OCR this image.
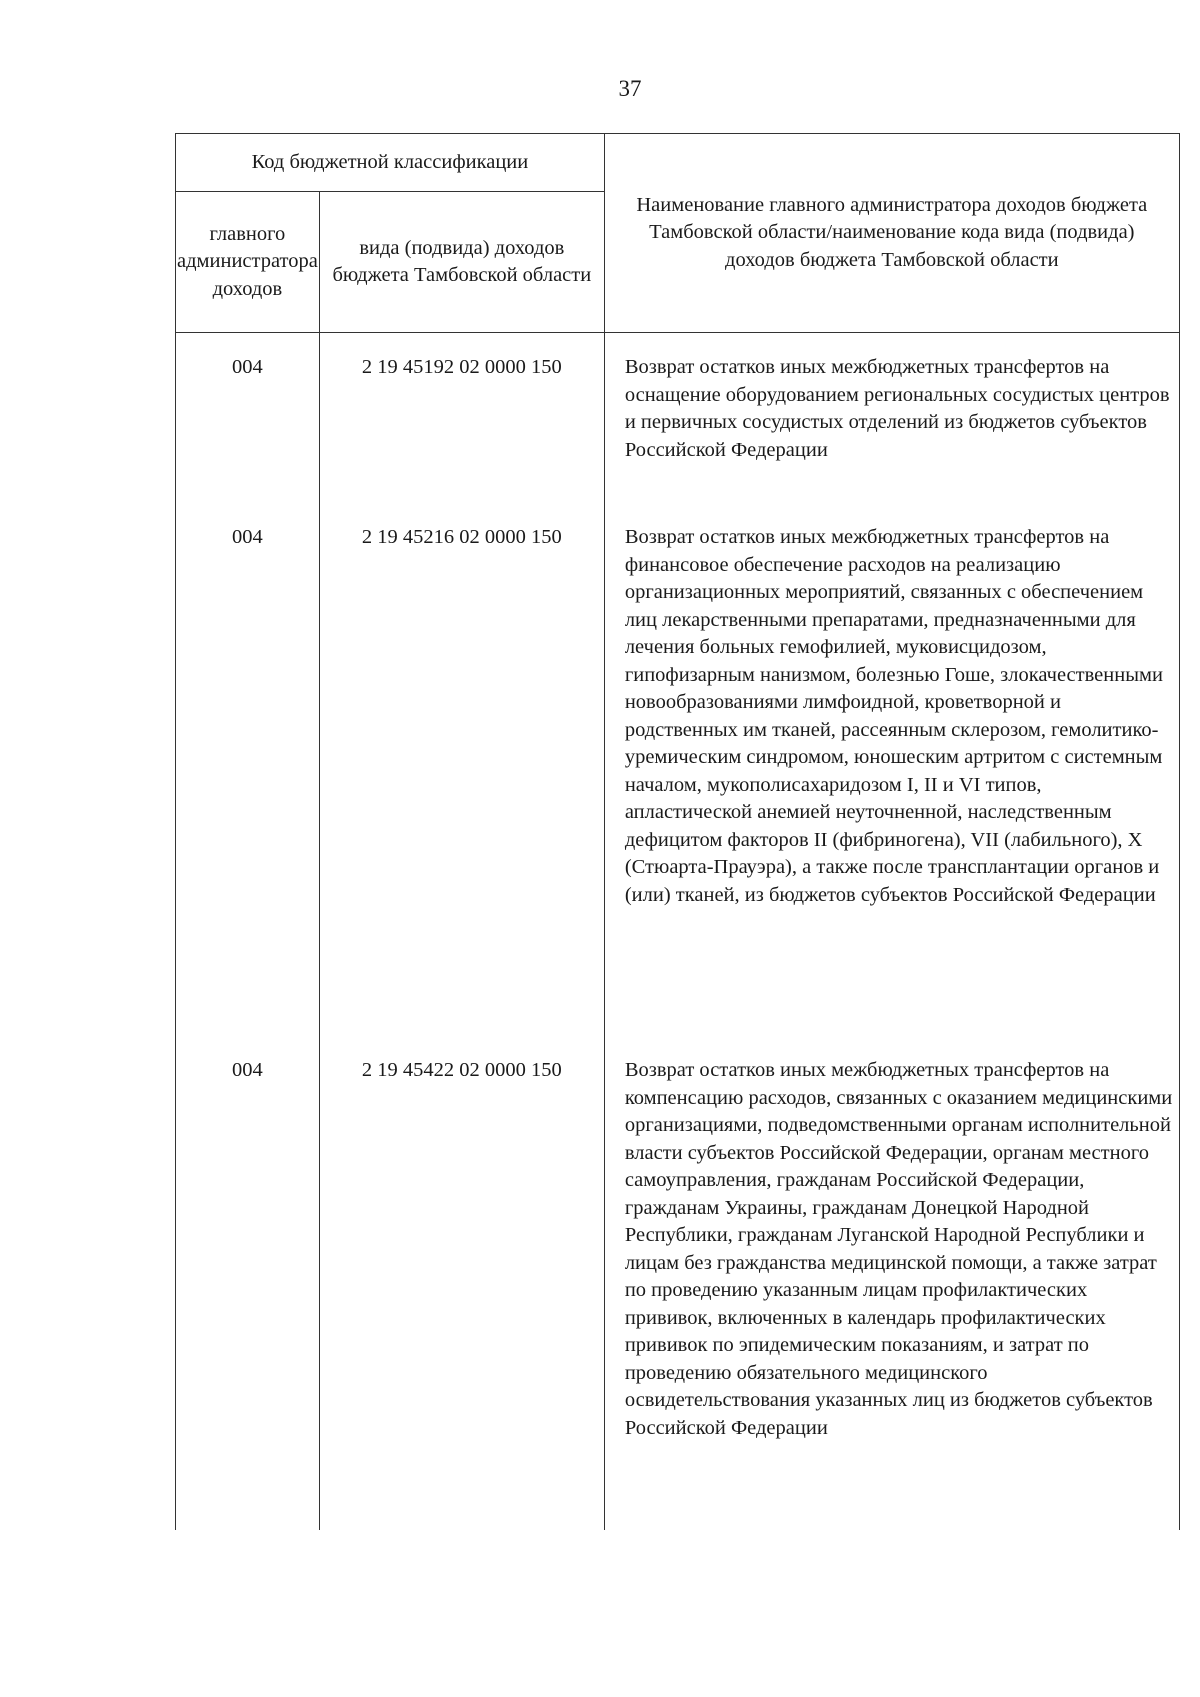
37
Код бюджетной классификации		Наименование главного администратора доходов бюджета Тамбовской области/наименование кода вида (подвида) доходов бюджета Тамбовской области
главного администратора доходов	вида (подвида) доходов бюджета Тамбовской области	
004	2 19 45192 02 0000 150	Возврат остатков иных межбюджетных трансфертов на оснащение оборудованием региональных сосудистых центров и первичных сосудистых отделений из бюджетов субъектов Российской Федерации
004	2 19 45216 02 0000 150	Возврат остатков иных межбюджетных трансфертов на финансовое обеспечение расходов на реализацию организационных мероприятий, связанных с обеспечением лиц лекарственными препаратами, предназначенными для лечения больных гемофилией, муковисцидозом, гипофизарным нанизмом, болезнью Гоше, злокачественными новообразованиями лимфоидной, кроветворной и родственных им тканей, рассеянным склерозом, гемолитико-уремическим синдромом, юношеским артритом с системным началом, мукополисахаридозом I, II и VI типов, апластической анемией неуточненной, наследственным дефицитом факторов II (фибриногена), VII (лабильного), X (Стюарта-Прауэра), а также после трансплантации органов и (или) тканей, из бюджетов субъектов Российской Федерации
004	2 19 45422 02 0000 150	Возврат остатков иных межбюджетных трансфертов на компенсацию расходов, связанных с оказанием медицинскими организациями, подведомственными органам исполнительной власти субъектов Российской Федерации, органам местного самоуправления, гражданам Российской Федерации, гражданам Украины, гражданам Донецкой Народной Республики, гражданам Луганской Народной Республики и лицам без гражданства медицинской помощи, а также затрат по проведению указанным лицам профилактических прививок, включенных в календарь профилактических прививок по эпидемическим показаниям, и затрат по проведению обязательного медицинского освидетельствования указанных лиц из бюджетов субъектов Российской Федерации
